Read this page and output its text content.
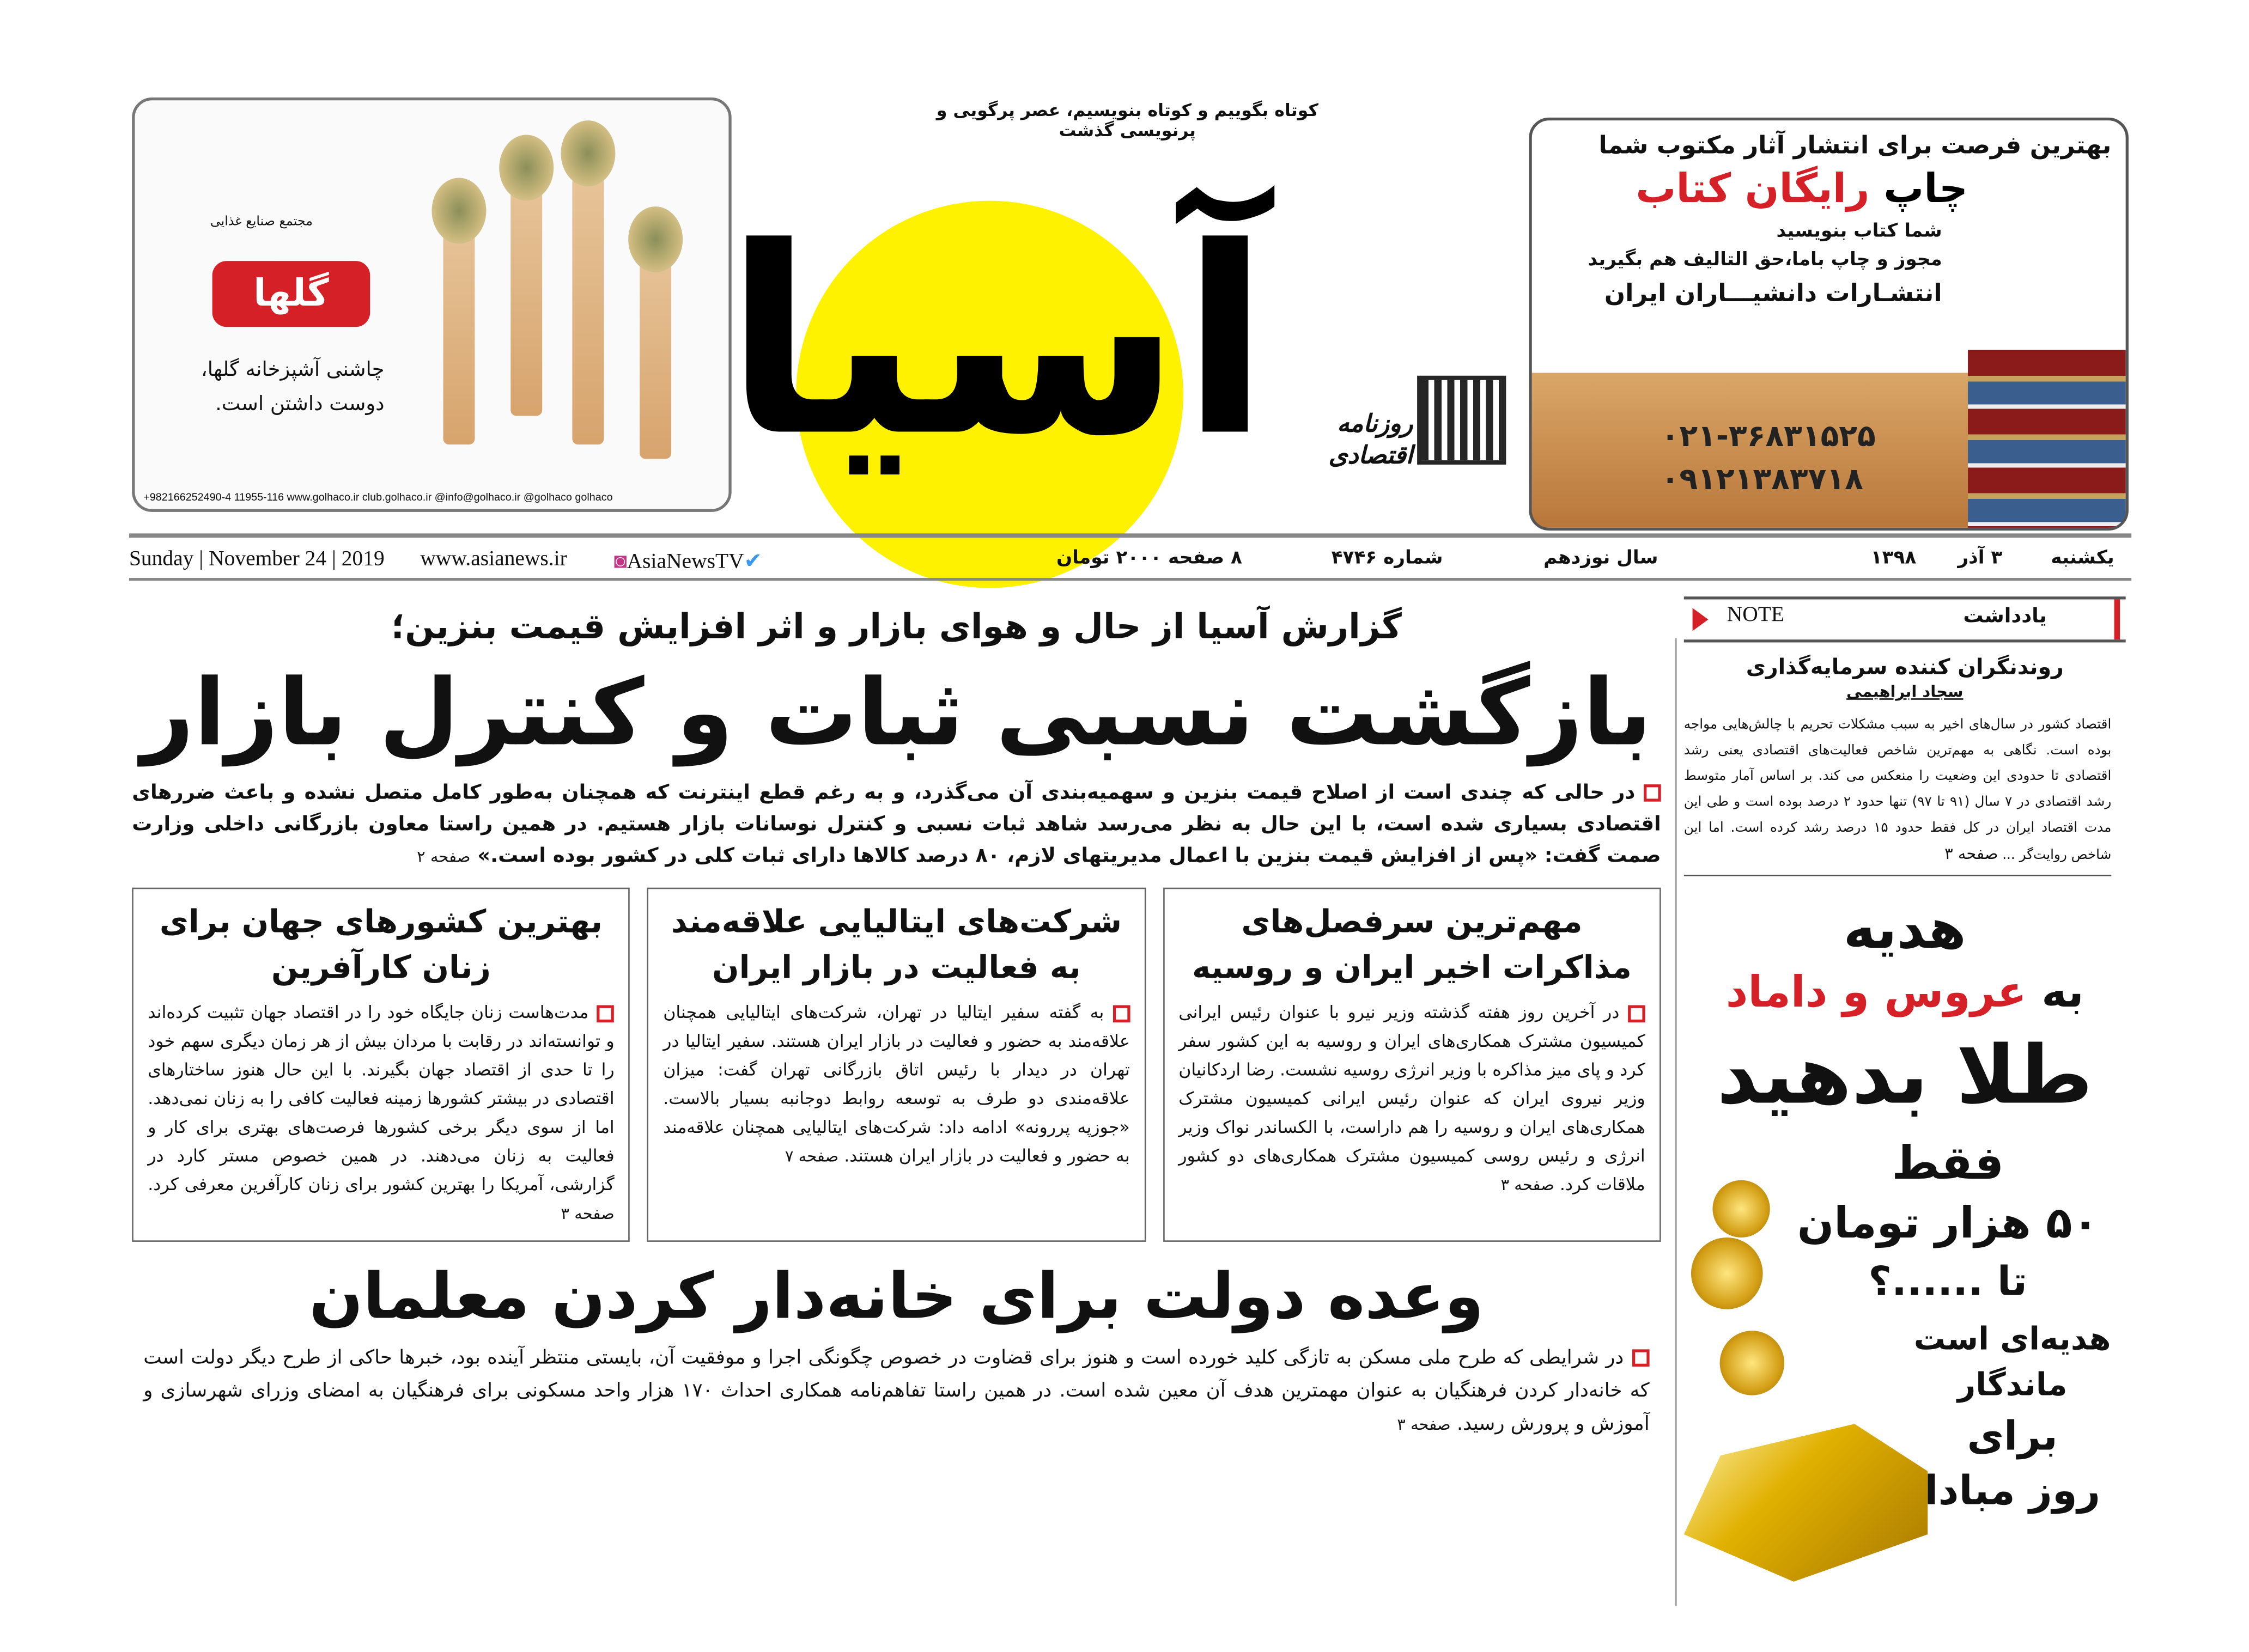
مجتمع صنایع غذایی
گلها
چاشنی آشپزخانه گلها،
دوست داشتن است.
+982166252490-4 11955-116 www.golhaco.ir club.golhaco.ir @info@golhaco.ir @golhaco golhaco
کوتاه بگوییم و کوتاه بنویسیم، عصر پرگویی و پرنویسی گذشت
آسیا	روزنامه اقتصادی
بهترین فرصت برای انتشار آثار مکتوب شما
چاپ رایگان کتاب
شما کتاب بنویسید
مجوز و چاپ باما،حق التالیف هم بگیرید
انتشـارات دانشیـــاران ایران
۰۲۱-۳۶۸۳۱۵۲۵
۰۹۱۲۱۳۸۳۷۱۸
یکشنبه
۳ آذر
۱۳۹۸
سال نوزدهم
شماره ۴۷۴۶
۸ صفحه ۲۰۰۰ تومان
Sunday | November 24 | 2019	www.asianews.ir	◙AsiaNewsTV✔
یادداشت
NOTE
روندنگران کننده سرمایه‌گذاری
سجاد ابراهیمی

اقتصاد کشور در سال‌های اخیر به سبب مشکلات تحریم با چالش‌هایی مواجه بوده است. نگاهی به مهم‌ترین شاخص فعالیت‌های اقتصادی یعنی رشد اقتصادی تا حدودی این وضعیت را منعکس می کند. بر اساس آمار متوسط رشد اقتصادی در ۷ سال (۹۱ تا ۹۷) تنها حدود ۲ درصد بوده است و طی این مدت اقتصاد ایران در کل فقط حدود ۱۵ درصد رشد کرده است. اما این شاخص روایت‌گر ... صفحه ۳

هدیه
به عروس و داماد
طلا بدهید
فقط
۵۰ هزار تومان
تا ......؟
هدیه‌ای است
ماندگار
برای
روز مبادا
گزارش آسیا از حال و هوای بازار و اثر افزایش قیمت بنزین؛
بازگشت نسبی ثبات و کنترل بازار
در حالی که چندی است از اصلاح قیمت بنزین و سهمیه‌بندی آن می‌گذرد، و به رغم قطع اینترنت که همچنان به‌طور کامل متصل نشده و باعث ضررهای اقتصادی بسیاری شده است، با این حال به نظر می‌رسد شاهد ثبات نسبی و کنترل نوسانات بازار هستیم. در همین راستا معاون بازرگانی داخلی وزارت صمت گفت: «پس از افزایش قیمت بنزین با اعمال مدیریتهای لازم، ۸۰ درصد کالاها دارای ثبات کلی در کشور بوده است.» صفحه ۲
مهم‌ترین سرفصل‌های مذاکرات اخیر ایران و روسیه

در آخرین روز هفته گذشته وزیر نیرو با عنوان رئیس ایرانی کمیسیون مشترک همکاری‌های ایران و روسیه به این کشور سفر کرد و پای میز مذاکره با وزیر انرژی روسیه نشست. رضا اردکانیان وزیر نیروی ایران که عنوان رئیس ایرانی کمیسیون مشترک همکاری‌های ایران و روسیه را هم داراست، با الکساندر نواک وزیر انرژی و رئیس روسی کمیسیون مشترک همکاری‌های دو کشور ملاقات کرد. صفحه ۳

شرکت‌های ایتالیایی علاقه‌مند به فعالیت در بازار ایران

به گفته سفیر ایتالیا در تهران، شرکت‌های ایتالیایی همچنان علاقه‌مند به حضور و فعالیت در بازار ایران هستند. سفیر ایتالیا در تهران در دیدار با رئیس اتاق بازرگانی تهران گفت: میزان علاقه‌مندی دو طرف به توسعه روابط دوجانبه بسیار بالاست. «جوزپه پررونه» ادامه داد: شرکت‌های ایتالیایی همچنان علاقه‌مند به حضور و فعالیت در بازار ایران هستند. صفحه ۷

بهترین کشورهای جهان برای زنان کارآفرین

مدت‌هاست زنان جایگاه خود را در اقتصاد جهان تثبیت کرده‌اند و توانسته‌اند در رقابت با مردان بیش از هر زمان دیگری سهم خود را تا حدی از اقتصاد جهان بگیرند. با این حال هنوز ساختارهای اقتصادی در بیشتر کشورها زمینه فعالیت کافی را به زنان نمی‌دهد. اما از سوی دیگر برخی کشورها فرصت‌های بهتری برای کار و فعالیت به زنان می‌دهند. در همین خصوص مستر کارد در گزارشی، آمریکا را بهترین کشور برای زنان کارآفرین معرفی کرد. صفحه ۳

وعده دولت برای خانه‌دار کردن معلمان
در شرایطی که طرح ملی مسکن به تازگی کلید خورده است و هنوز برای قضاوت در خصوص چگونگی اجرا و موفقیت آن، بایستی منتظر آینده بود، خبرها حاکی از طرح دیگر دولت است که خانه‌دار کردن فرهنگیان به عنوان مهمترین هدف آن معین شده است. در همین راستا تفاهم‌نامه همکاری احداث ۱۷۰ هزار واحد مسکونی برای فرهنگیان به امضای وزرای شهرسازی و آموزش و پرورش رسید. صفحه ۳
